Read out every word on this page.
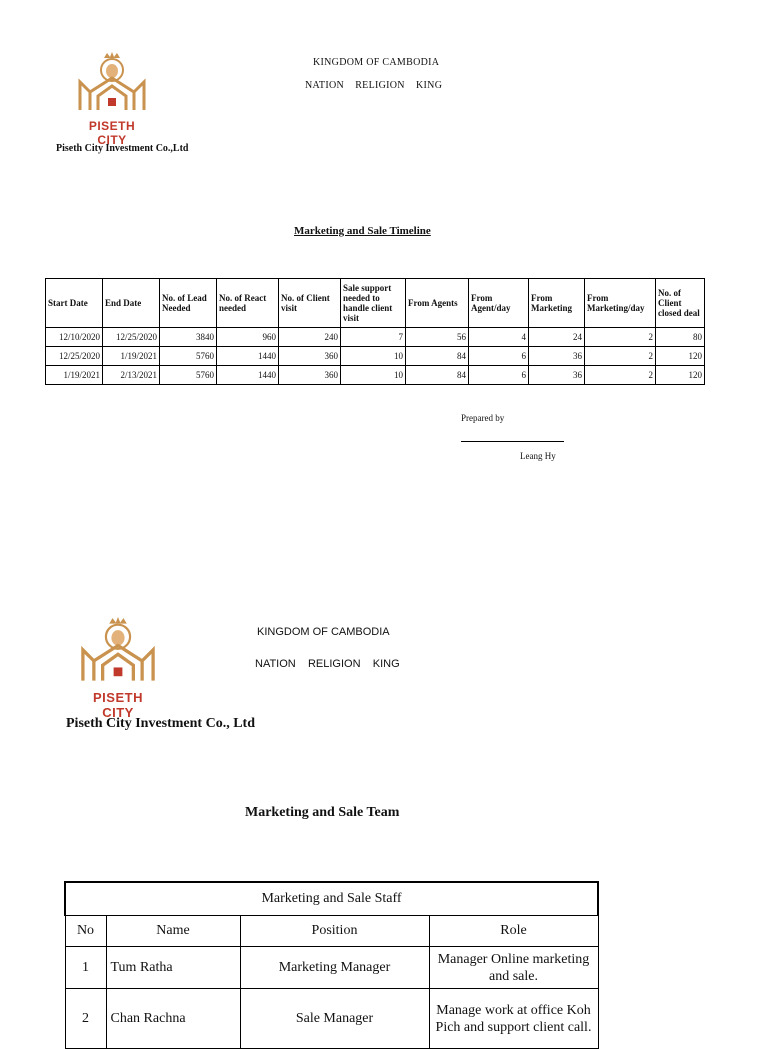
PISETH CITY
KINGDOM OF CAMBODIA
NATION    RELIGION    KING
Piseth City Investment Co.,Ltd
Marketing and Sale Timeline
Start Date	End Date	No. of Lead Needed	No. of React needed	No. of Client visit	Sale support needed to handle client visit	From Agents	From Agent/day	From Marketing	From Marketing/day	No. of Client closed deal
12/10/2020	12/25/2020	3840	960	240	7	56	4	24	2	80
12/25/2020	1/19/2021	5760	1440	360	10	84	6	36	2	120
1/19/2021	2/13/2021	5760	1440	360	10	84	6	36	2	120
Prepared by
Leang Hy
PISETH CITY
KINGDOM OF CAMBODIA
NATION    RELIGION    KING
Piseth City Investment Co., Ltd
Marketing and Sale Team
Marketing and Sale Staff			
No	Name	Position	Role
1	Tum Ratha	Marketing Manager	Manager Online marketing
and sale.

2	Chan Rachna	Sale Manager	Manage work at office Koh
Pich and support client call.
